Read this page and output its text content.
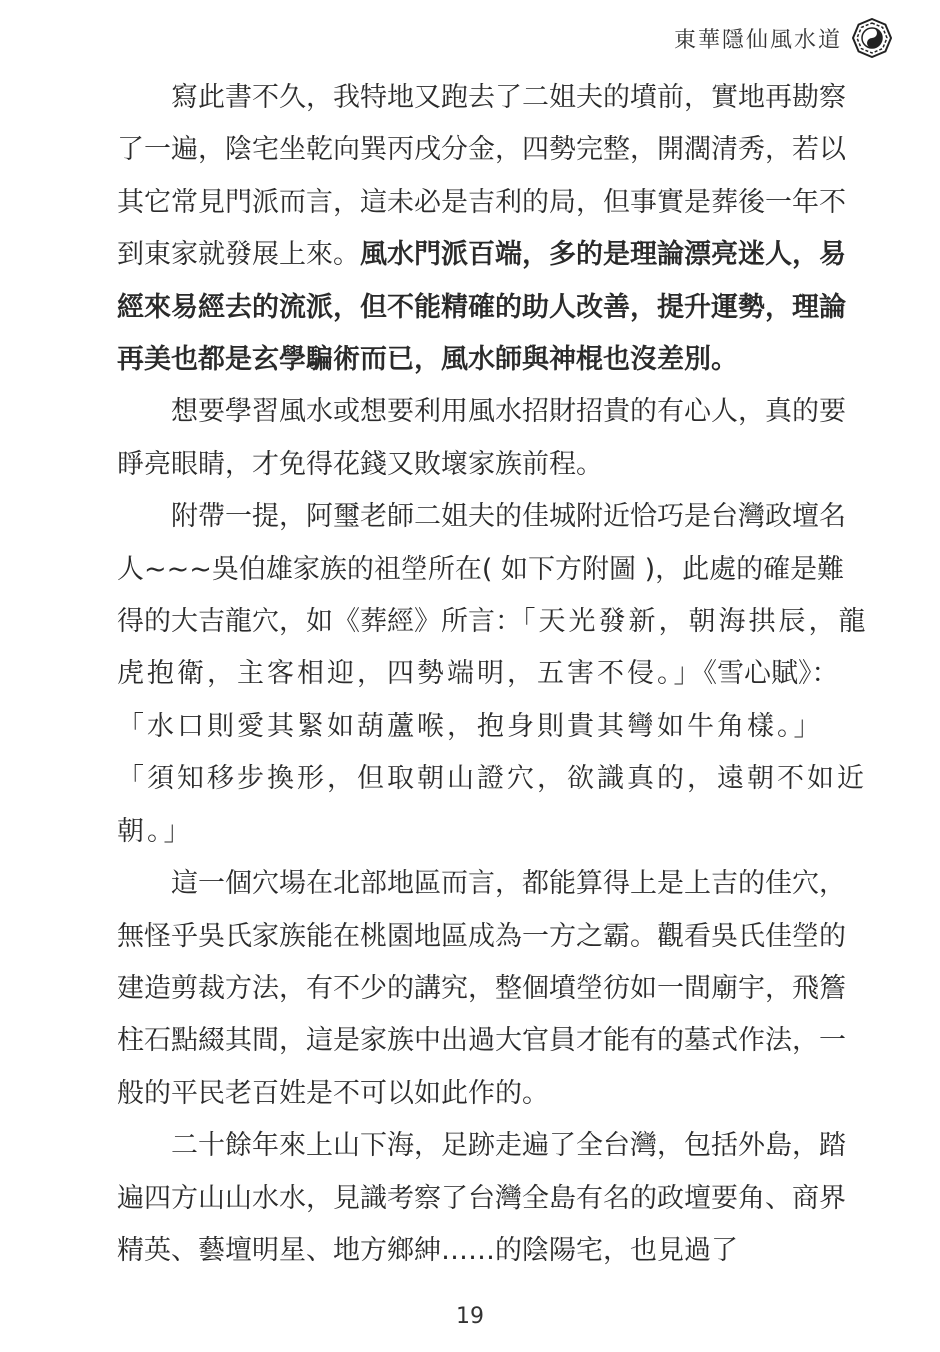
東華隱仙風水道

寫此書不久，我特地又跑去了二姐夫的墳前，實地再勘察了一遍，陰宅坐乾向巽丙戌分金，四勢完整，開濶清秀，若以其它常見門派而言，這未必是吉利的局，但事實是葬後一年不到東家就發展上來。風水門派百端，多的是理論漂亮迷人，易經來易經去的流派，但不能精確的助人改善，提升運勢，理論再美也都是玄學騙術而已，風水師與神棍也沒差別。

想要學習風水或想要利用風水招財招貴的有心人，真的要睜亮眼睛，才免得花錢又敗壞家族前程。

附帶一提，阿璽老師二姐夫的佳城附近恰巧是台灣政壇名人~~~吳伯雄家族的祖塋所在( 如下方附圖 )，此處的確是難得的大吉龍穴，如《葬經》所言：「天光發新，朝海拱辰，龍虎抱衛，主客相迎，四勢端明，五害不侵。」《雪心賦》：「水口則愛其緊如葫蘆喉，抱身則貴其彎如牛角樣。」「須知移步換形，但取朝山證穴，欲識真的，遠朝不如近朝。」

這一個穴場在北部地區而言，都能算得上是上吉的佳穴，無怪乎吳氏家族能在桃園地區成為一方之霸。觀看吳氏佳塋的建造剪裁方法，有不少的講究，整個墳塋彷如一間廟宇，飛簷柱石點綴其間，這是家族中出過大官員才能有的墓式作法，一般的平民老百姓是不可以如此作的。

二十餘年來上山下海，足跡走遍了全台灣，包括外島，踏遍四方山山水水，見識考察了台灣全島有名的政壇要角、商界精英、藝壇明星、地方鄉紳……的陰陽宅，也見過了

19
